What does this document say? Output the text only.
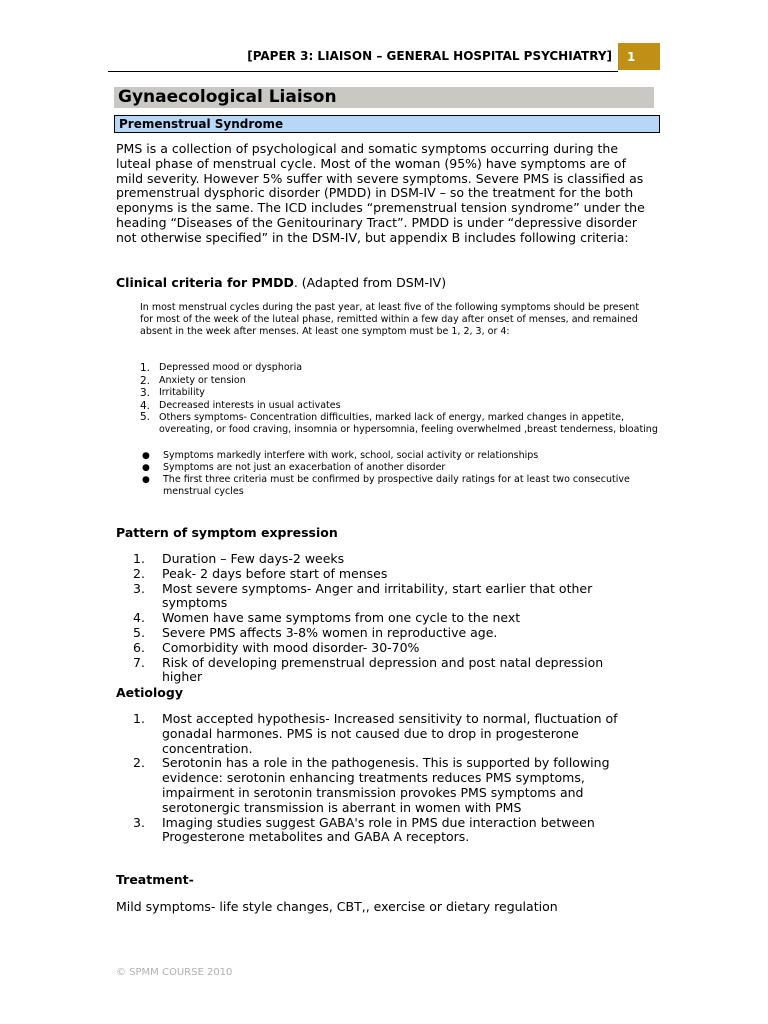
[PAPER 3: LIAISON – GENERAL HOSPITAL PSYCHIATRY]	1
Gynaecological Liaison
Premenstrual Syndrome

PMS is a collection of psychological and somatic symptoms occurring during the luteal phase of menstrual cycle. Most of the woman (95%) have symptoms are of mild severity. However 5% suffer with severe symptoms. Severe PMS is classified as premenstrual dysphoric disorder (PMDD) in DSM-IV – so the treatment for the both eponyms is the same. The ICD includes “premenstrual tension syndrome” under the heading “Diseases of the Genitourinary Tract”. PMDD is under “depressive disorder not otherwise specified” in the DSM-IV, but appendix B includes following criteria:

Clinical criteria for PMDD. (Adapted from DSM-IV)

In most menstrual cycles during the past year, at least five of the following symptoms should be present for most of the week of the luteal phase, remitted within a few day after onset of menses, and remained absent in the week after menses. At least one symptom must be 1, 2, 3, or 4:

1. Depressed mood or dysphoria
2. Anxiety or tension
3. Irritability
4. Decreased interests in usual activates
5. Others symptoms- Concentration difficulties, marked lack of energy, marked changes in appetite, overeating, or food craving, insomnia or hypersomnia, feeling overwhelmed ,breast tenderness, bloating
● Symptoms markedly interfere with work, school, social activity or relationships
● Symptoms are not just an exacerbation of another disorder
● The first three criteria must be confirmed by prospective daily ratings for at least two consecutive menstrual cycles

Pattern of symptom expression

1. Duration – Few days-2 weeks
2. Peak- 2 days before start of menses
3. Most severe symptoms- Anger and irritability, start earlier that other symptoms
4. Women have same symptoms from one cycle to the next
5. Severe PMS affects 3-8% women in reproductive age.
6. Comorbidity with mood disorder- 30-70%
7. Risk of developing premenstrual depression and post natal depression higher

Aetiology

1. Most accepted hypothesis- Increased sensitivity to normal, fluctuation of gonadal harmones. PMS is not caused due to drop in progesterone concentration.
2. Serotonin has a role in the pathogenesis. This is supported by following evidence: serotonin enhancing treatments reduces PMS symptoms, impairment in serotonin transmission provokes PMS symptoms and serotonergic transmission is aberrant in women with PMS
3. Imaging studies suggest GABA's role in PMS due interaction between Progesterone metabolites and GABA A receptors.

Treatment-

Mild symptoms- life style changes, CBT,, exercise or dietary regulation

© SPMM COURSE 2010
